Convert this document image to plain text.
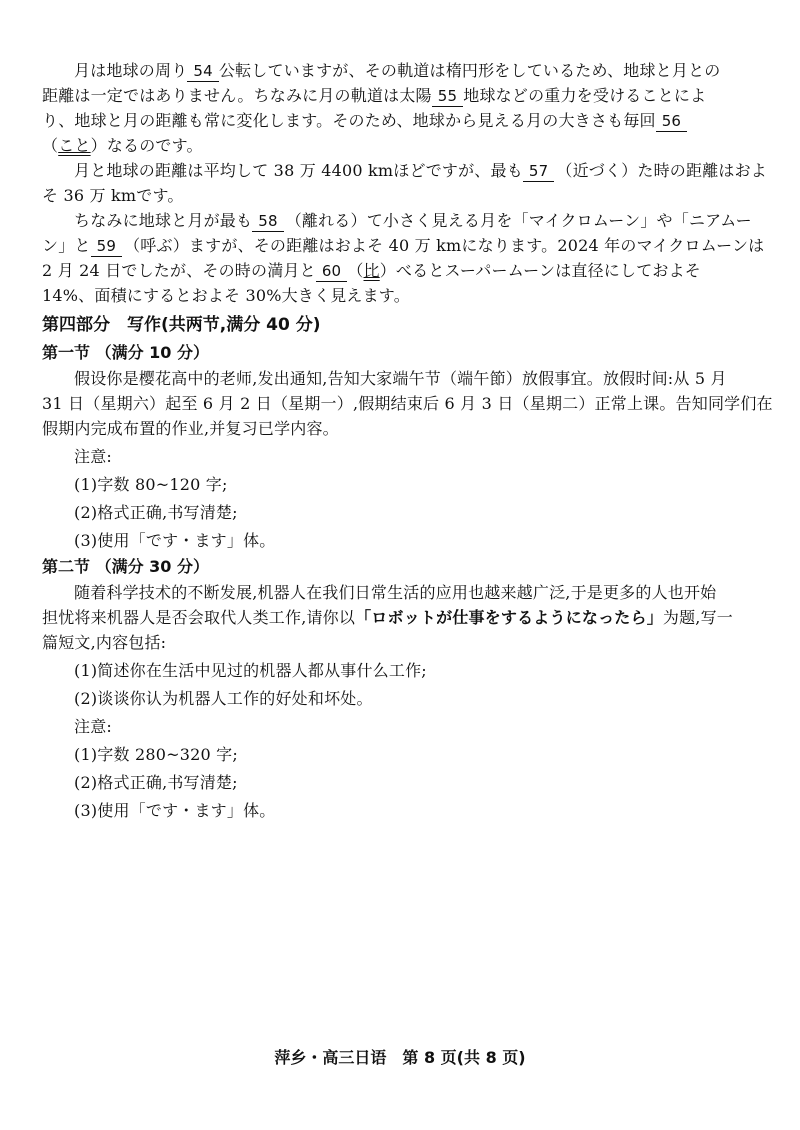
月は地球の周り 54 公転していますが、その軌道は楕円形をしているため、地球と月との
距離は一定ではありません。ちなみに月の軌道は太陽 55 地球などの重力を受けることによ
り、地球と月の距離も常に変化します。そのため、地球から見える月の大きさも毎回 56
（こと）なるのです。
月と地球の距離は平均して 38 万 4400 kmほどですが、最も 57 （近づく）た時の距離はおよ
そ 36 万 kmです。
ちなみに地球と月が最も 58 （離れる）て小さく見える月を「マイクロムーン」や「ニアムー
ン」と 59 （呼ぶ）ますが、その距離はおよそ 40 万 kmになります。2024 年のマイクロムーンは
2 月 24 日でしたが、その時の満月と 60 （比）べるとスーパームーンは直径にしておよそ
14%、面積にするとおよそ 30%大きく見えます。
第四部分　写作(共两节,满分 40 分)
第一节 （满分 10 分）
假设你是樱花高中的老师,发出通知,告知大家端午节（端午節）放假事宜。放假时间:从 5 月
31 日（星期六）起至 6 月 2 日（星期一）,假期结束后 6 月 3 日（星期二）正常上课。告知同学们在
假期内完成布置的作业,并复习已学内容。
注意:
(1)字数 80~120 字;
(2)格式正确,书写清楚;
(3)使用「です・ます」体。
第二节 （满分 30 分）
随着科学技术的不断发展,机器人在我们日常生活的应用也越来越广泛,于是更多的人也开始
担忧将来机器人是否会取代人类工作,请你以「ロボットが仕事をするようになったら」为题,写一
篇短文,内容包括:
(1)简述你在生活中见过的机器人都从事什么工作;
(2)谈谈你认为机器人工作的好处和坏处。
注意:
(1)字数 280~320 字;
(2)格式正确,书写清楚;
(3)使用「です・ます」体。
萍乡・高三日语　第 8 页(共 8 页)
